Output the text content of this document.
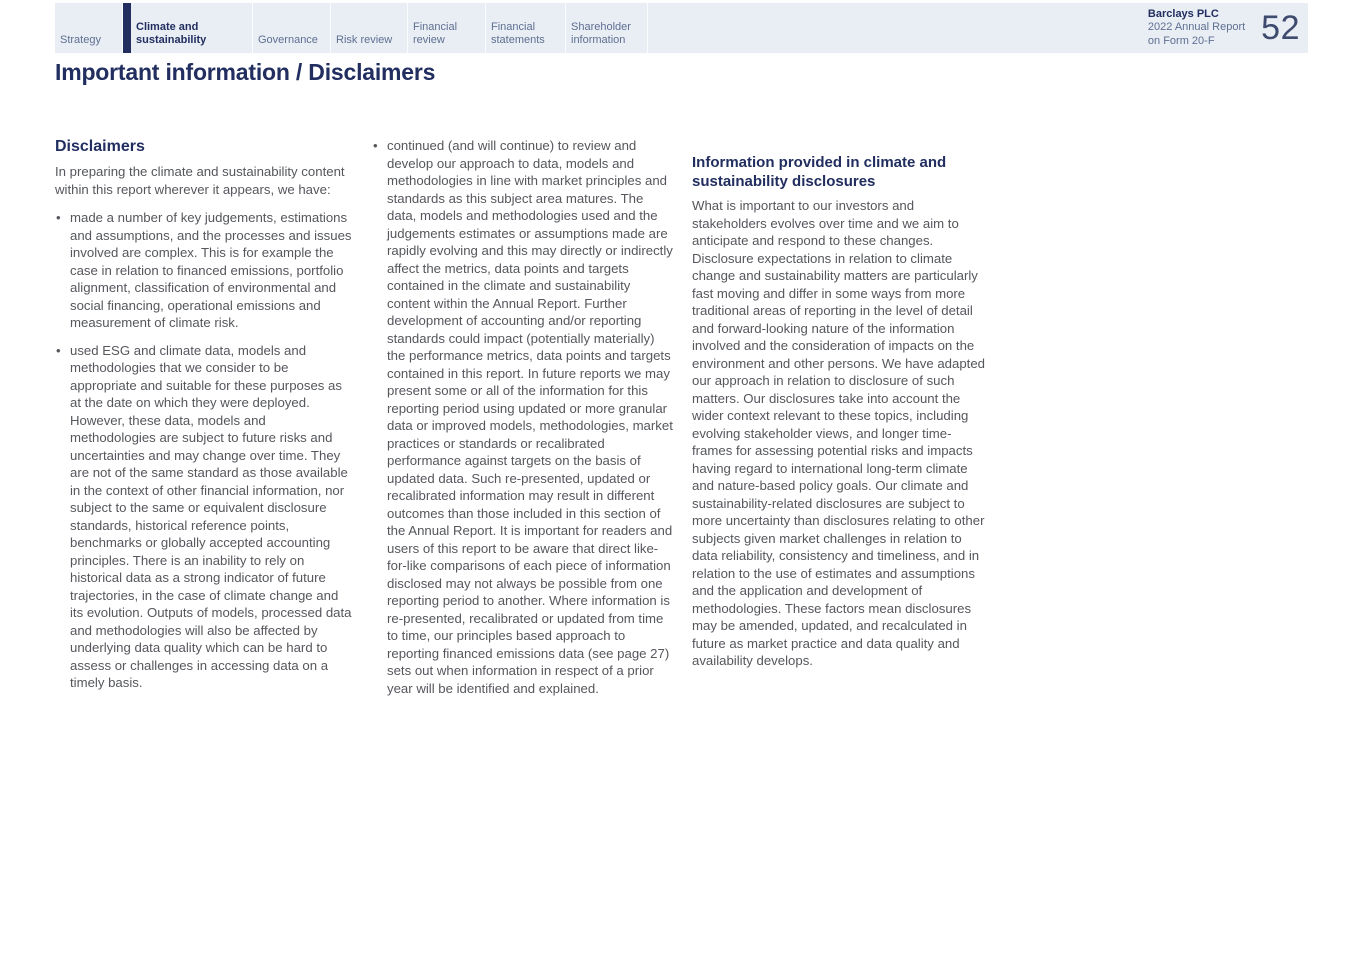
Strategy
Climate and sustainability	Governance Risk review
Financial review
Financial statements
Shareholder information
Barclays PLC
2022 Annual Report
on Form 20-F	52
Important information / Disclaimers
Disclaimers

In preparing the climate and sustainability content within this report wherever it appears, we have:

• made a number of key judgements, estimations and assumptions, and the processes and issues involved are complex. This is for example the case in relation to financed emissions, portfolio alignment, classification of environmental and social financing, operational emissions and measurement of climate risk.
• used ESG and climate data, models and methodologies that we consider to be appropriate and suitable for these purposes as at the date on which they were deployed. However, these data, models and methodologies are subject to future risks and uncertainties and may change over time. They are not of the same standard as those available in the context of other financial information, nor subject to the same or equivalent disclosure standards, historical reference points, benchmarks or globally accepted accounting principles. There is an inability to rely on historical data as a strong indicator of future trajectories, in the case of climate change and its evolution. Outputs of models, processed data and methodologies will also be affected by underlying data quality which can be hard to assess or challenges in accessing data on a timely basis.
• continued (and will continue) to review and develop our approach to data, models and methodologies in line with market principles and standards as this subject area matures. The data, models and methodologies used and the judgements estimates or assumptions made are rapidly evolving and this may directly or indirectly affect the metrics, data points and targets contained in the climate and sustainability content within the Annual Report. Further development of accounting and/or reporting standards could impact (potentially materially) the performance metrics, data points and targets contained in this report. In future reports we may present some or all of the information for this reporting period using updated or more granular data or improved models, methodologies, market practices or standards or recalibrated performance against targets on the basis of updated data. Such re-presented, updated or recalibrated information may result in different outcomes than those included in this section of the Annual Report. It is important for readers and users of this report to be aware that direct like-for-like comparisons of each piece of information disclosed may not always be possible from one reporting period to another. Where information is re-presented, recalibrated or updated from time to time, our principles based approach to reporting financed emissions data (see page 27) sets out when information in respect of a prior year will be identified and explained.
Information provided in climate and sustainability disclosures

What is important to our investors and stakeholders evolves over time and we aim to anticipate and respond to these changes. Disclosure expectations in relation to climate change and sustainability matters are particularly fast moving and differ in some ways from more traditional areas of reporting in the level of detail and forward-looking nature of the information involved and the consideration of impacts on the environment and other persons. We have adapted our approach in relation to disclosure of such matters. Our disclosures take into account the wider context relevant to these topics, including evolving stakeholder views, and longer time-frames for assessing potential risks and impacts having regard to international long-term climate and nature-based policy goals. Our climate and sustainability-related disclosures are subject to more uncertainty than disclosures relating to other subjects given market challenges in relation to data reliability, consistency and timeliness, and in relation to the use of estimates and assumptions and the application and development of methodologies. These factors mean disclosures may be amended, updated, and recalculated in future as market practice and data quality and availability develops.
